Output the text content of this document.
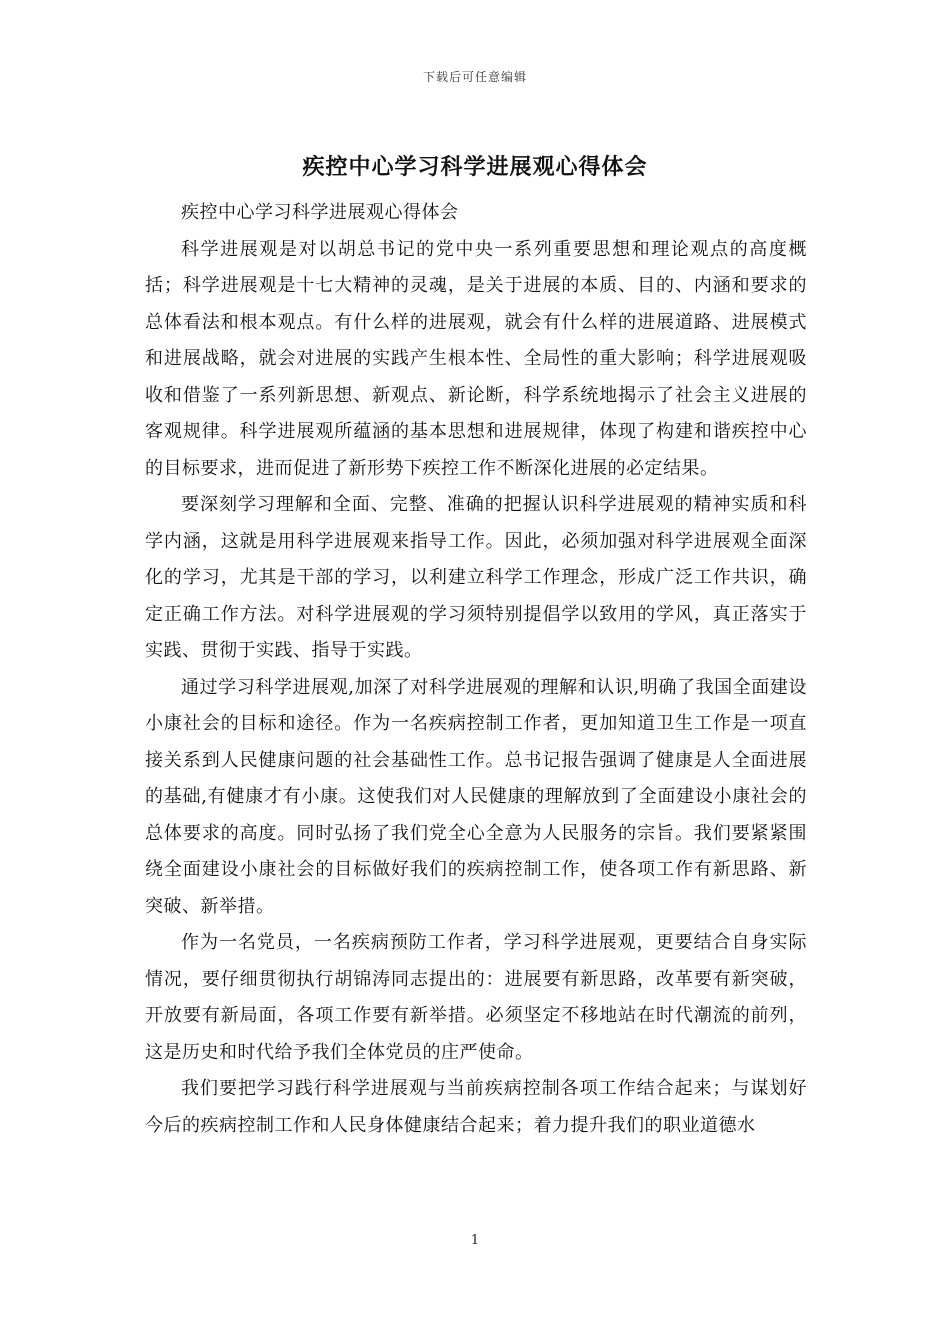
下载后可任意编辑
疾控中心学习科学进展观心得体会

疾控中心学习科学进展观心得体会

科学进展观是对以胡总书记的党中央一系列重要思想和理论观点的高度概括；科学进展观是十七大精神的灵魂，是关于进展的本质、目的、内涵和要求的总体看法和根本观点。有什么样的进展观，就会有什么样的进展道路、进展模式和进展战略，就会对进展的实践产生根本性、全局性的重大影响；科学进展观吸收和借鉴了一系列新思想、新观点、新论断，科学系统地揭示了社会主义进展的客观规律。科学进展观所蕴涵的基本思想和进展规律，体现了构建和谐疾控中心的目标要求，进而促进了新形势下疾控工作不断深化进展的必定结果。

要深刻学习理解和全面、完整、准确的把握认识科学进展观的精神实质和科学内涵，这就是用科学进展观来指导工作。因此，必须加强对科学进展观全面深化的学习，尤其是干部的学习，以利建立科学工作理念，形成广泛工作共识，确定正确工作方法。对科学进展观的学习须特别提倡学以致用的学风，真正落实于实践、贯彻于实践、指导于实践。

通过学习科学进展观,加深了对科学进展观的理解和认识,明确了我国全面建设小康社会的目标和途径。作为一名疾病控制工作者，更加知道卫生工作是一项直接关系到人民健康问题的社会基础性工作。总书记报告强调了健康是人全面进展的基础,有健康才有小康。这使我们对人民健康的理解放到了全面建设小康社会的总体要求的高度。同时弘扬了我们党全心全意为人民服务的宗旨。我们要紧紧围绕全面建设小康社会的目标做好我们的疾病控制工作，使各项工作有新思路、新突破、新举措。

作为一名党员，一名疾病预防工作者，学习科学进展观，更要结合自身实际情况，要仔细贯彻执行胡锦涛同志提出的：进展要有新思路，改革要有新突破，开放要有新局面，各项工作要有新举措。必须坚定不移地站在时代潮流的前列，这是历史和时代给予我们全体党员的庄严使命。

我们要把学习践行科学进展观与当前疾病控制各项工作结合起来；与谋划好今后的疾病控制工作和人民身体健康结合起来；着力提升我们的职业道德水

1
